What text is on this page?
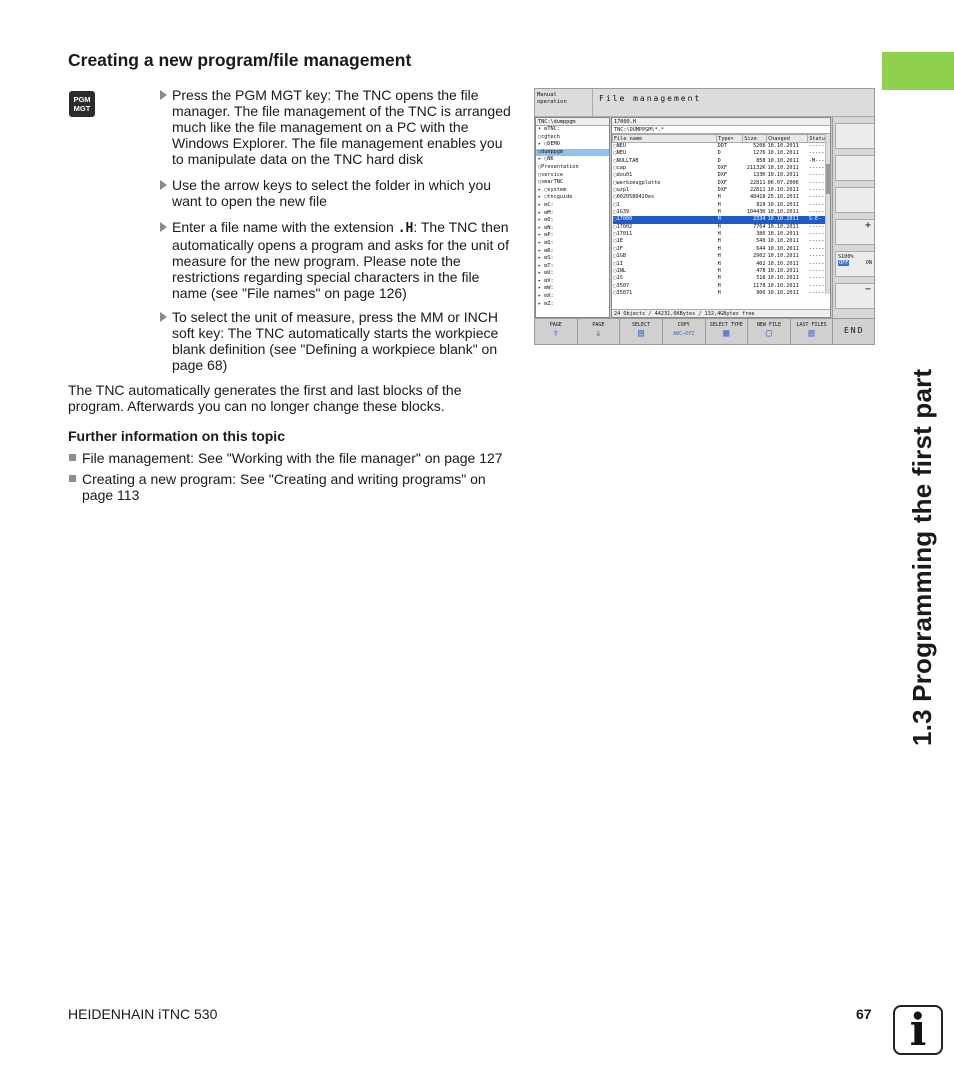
Creating a new program/file management
PGM
MGT
Press the PGM MGT key: The TNC opens the file manager. The file management of the TNC is arranged much like the file management on a PC with the Windows Explorer. The file management enables you to manipulate data on the TNC hard disk
Use the arrow keys to select the folder in which you want to open the new file
Enter a file name with the extension .H: The TNC then automatically opens a program and asks for the unit of measure for the new program. Please note the restrictions regarding special characters in the file name (see "File names" on page 126)
To select the unit of measure, press the MM or INCH soft key: The TNC automatically starts the workpiece blank definition (see "Defining a workpiece blank" on page 68)
The TNC automatically generates the first and last blocks of the program. Afterwards you can no longer change these blocks.
Further information on this topic
File management: See "Working with the file manager" on page 127
Creating a new program: See "Creating and writing programs" on page 113	1.3 Programming the first part
HEIDENHAIN iTNC 530	67 i
Manual
operation	File management
TNC:\dumppgm
▾ ⊟TNC:
▢cgtech
▸ ▢DEMO
▢dumppgm
▸ ▢NK
▢Presentation
▢service
▢smarTNC
▸ ▢system
▸ ▢tncguide
▸ ⊟C:
▸ ⊟M:
▸ ⊟O:
▸ ⊟N:
▸ ⊟P:
▸ ⊟Q:
▸ ⊟R:
▸ ⊟S:
▸ ⊟T:
▸ ⊟U:
▸ ⊟V:
▸ ⊟W:
▸ ⊟X:
▸ ⊟Z:
17000.H
TNC:\DUMPPGM\*.*
File name	Type▾	Size	Changed	Statu
▢NEU	DDT	5208	10.10.2011	-----
▢NEU	D	1276	10.10.2011	-----
▢NULLTAB	D	858	10.10.2011	-M---
▢cap	DXF	21132K	10.10.2011	-----
▢dou01	DXF	133K	10.10.2011	-----
▢werkzeugplatte	DXF	22811	06.07.2006	-----
▢uzp1	DXF	22811	10.10.2011	-----
▢0020580420es	H	48418	25.10.2011	-----
▢1	H	828	10.10.2011	-----
▢1G39	H	10443K	10.10.2011	-----
▢17000	H	2334	10.10.2011	S-E-
▢17002	H	7764	10.10.2011	-----
▢17011	H	386	10.10.2011	-----
▢1E	H	540	10.10.2011	-----
▢1F	H	644	10.10.2011	-----
▢1GB	H	2902	10.10.2011	-----
▢1I	H	402	10.10.2011	-----
▢1NL	H	478	10.10.2011	-----
▢1S	H	518	10.10.2011	-----
▢3507	H	1178	10.10.2011	-----
▢35071	H	906	10.10.2011	-----
24 Objects / 44231,6KBytes / 132,4GBytes free
+
S100%
OFF	ON
−
PAGE
⇑
PAGE
⇓
SELECT
▤
COPY
ABC→XYZ
SELECT TYPE
▦
NEW FILE
▢
LAST FILES
▤	END
